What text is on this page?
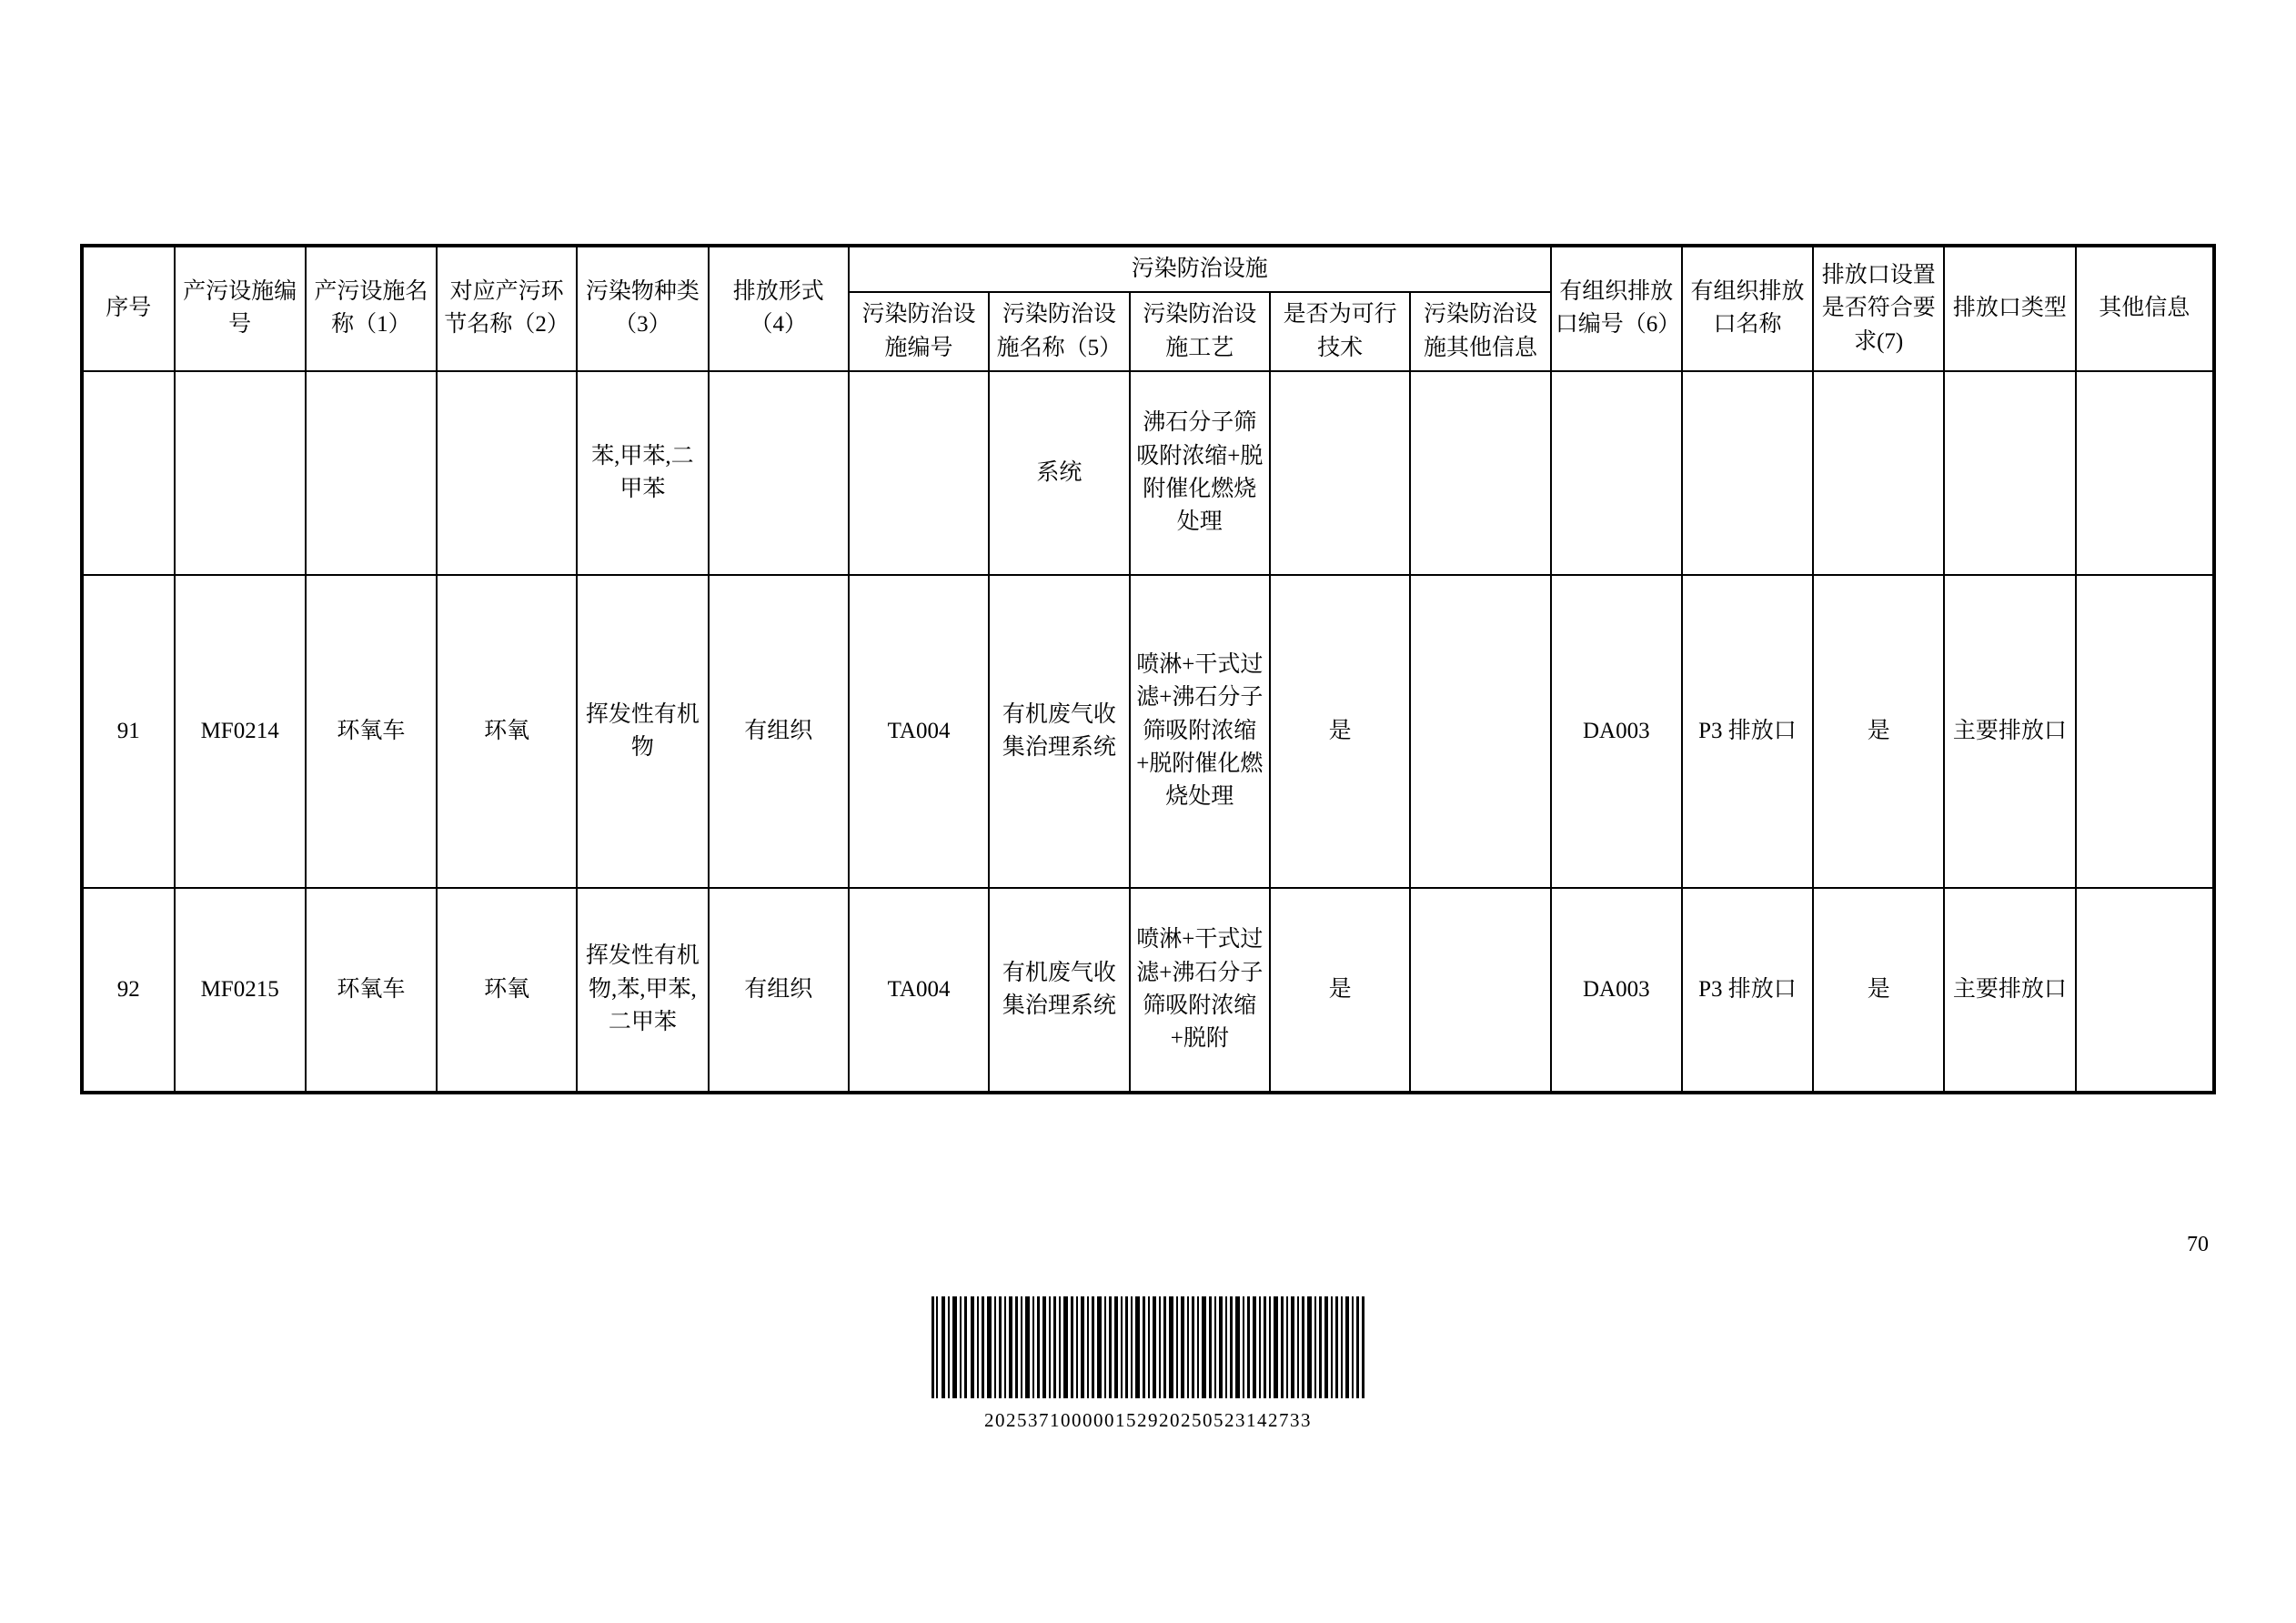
序号	产污设施编号	产污设施名称（1）	对应产污环节名称（2）	污染物种类（3）	排放形式（4）	污染防治设施					有组织排放口编号（6）	有组织排放口名称	排放口设置是否符合要求(7)	排放口类型	其他信息
						污染防治设施编号	污染防治设施名称（5）	污染防治设施工艺	是否为可行技术	污染防治设施其他信息					
				苯,甲苯,二甲苯			系统	沸石分子筛吸附浓缩+脱附催化燃烧处理							
91	MF0214	环氧车	环氧	挥发性有机物	有组织	TA004	有机废气收集治理系统	喷淋+干式过滤+沸石分子筛吸附浓缩+脱附催化燃烧处理	是		DA003	P3 排放口	是	主要排放口	
92	MF0215	环氧车	环氧	挥发性有机物,苯,甲苯,二甲苯	有组织	TA004	有机废气收集治理系统	喷淋+干式过滤+沸石分子筛吸附浓缩+脱附	是		DA003	P3 排放口	是	主要排放口	
70
202537100000152920250523142733
